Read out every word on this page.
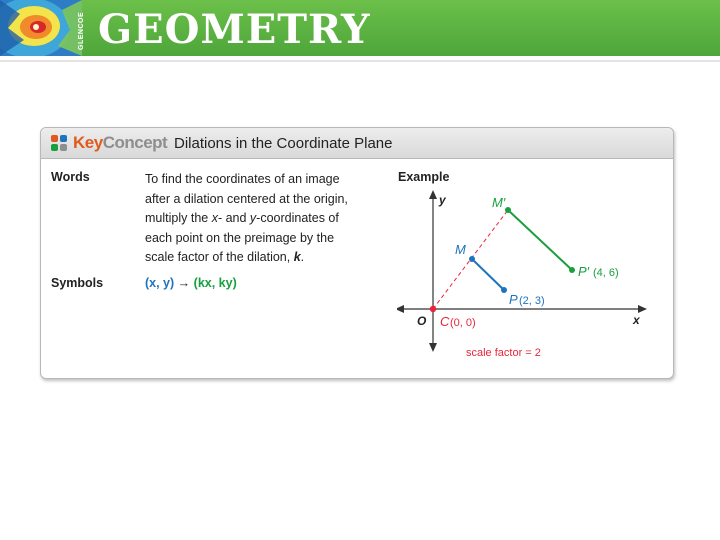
GLENCOE GEOMETRY
KeyConcept Dilations in the Coordinate Plane
Words	To find the coordinates of an image
after a dilation centered at the origin,
multiply the x- and y-coordinates of
each point on the preimage by the
scale factor of the dilation, k.
Symbols	(x, y) → (kx, ky)
Example
y
x
O
M′
M
P (2, 3)
P′ (4, 6)
C (0, 0)
scale factor = 2
